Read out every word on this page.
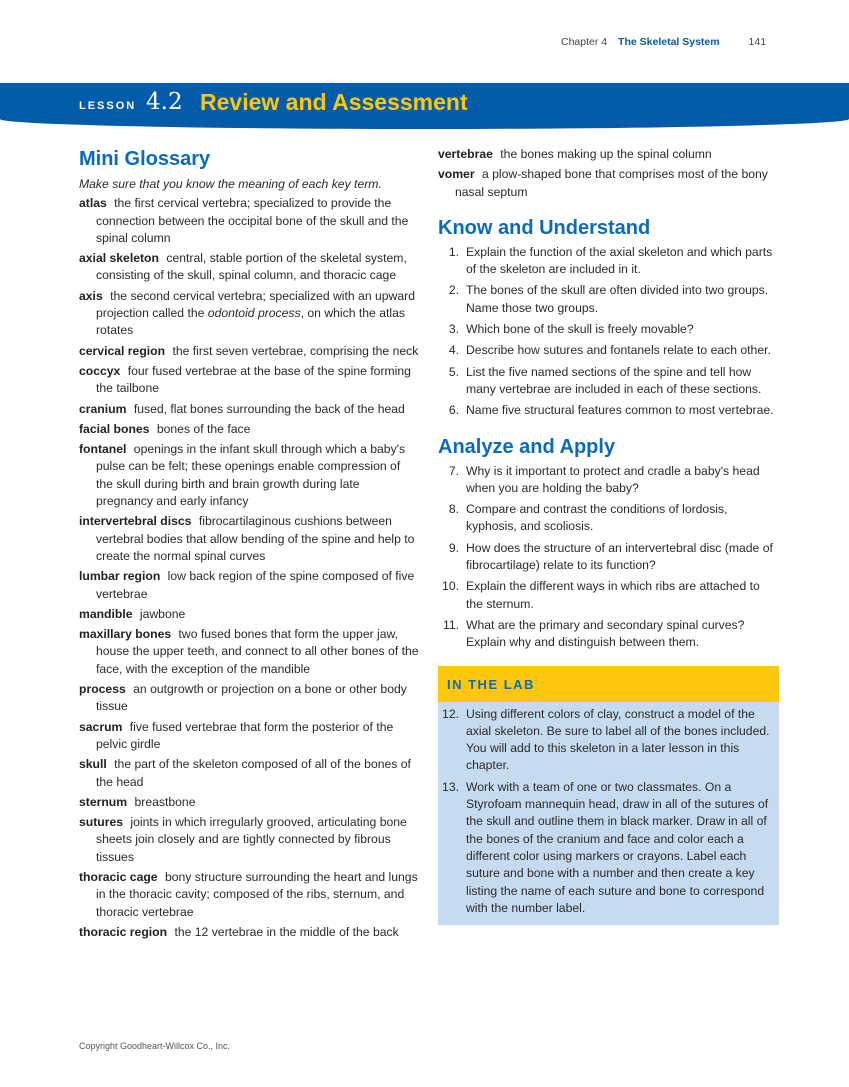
Chapter 4 The Skeletal System	141
LESSON 4.2 Review and Assessment
Mini Glossary

Make sure that you know the meaning of each key term.

atlas the first cervical vertebra; specialized to provide the connection between the occipital bone of the skull and the spinal column
axial skeleton central, stable portion of the skeletal system, consisting of the skull, spinal column, and thoracic cage
axis the second cervical vertebra; specialized with an upward projection called the odontoid process, on which the atlas rotates
cervical region the first seven vertebrae, comprising the neck
coccyx four fused vertebrae at the base of the spine forming the tailbone
cranium fused, flat bones surrounding the back of the head
facial bones bones of the face
fontanel openings in the infant skull through which a baby's pulse can be felt; these openings enable compression of the skull during birth and brain growth during late pregnancy and early infancy
intervertebral discs fibrocartilaginous cushions between vertebral bodies that allow bending of the spine and help to create the normal spinal curves
lumbar region low back region of the spine composed of five vertebrae
mandible jawbone
maxillary bones two fused bones that form the upper jaw, house the upper teeth, and connect to all other bones of the face, with the exception of the mandible
process an outgrowth or projection on a bone or other body tissue
sacrum five fused vertebrae that form the posterior of the pelvic girdle
skull the part of the skeleton composed of all of the bones of the head
sternum breastbone
sutures joints in which irregularly grooved, articulating bone sheets join closely and are tightly connected by fibrous tissues
thoracic cage bony structure surrounding the heart and lungs in the thoracic cavity; composed of the ribs, sternum, and thoracic vertebrae
thoracic region the 12 vertebrae in the middle of the back
vertebrae the bones making up the spinal column
vomer a plow-shaped bone that comprises most of the bony nasal septum
Know and Understand
1. Explain the function of the axial skeleton and which parts of the skeleton are included in it.
2. The bones of the skull are often divided into two groups. Name those two groups.
3. Which bone of the skull is freely movable?
4. Describe how sutures and fontanels relate to each other.
5. List the five named sections of the spine and tell how many vertebrae are included in each of these sections.
6. Name five structural features common to most vertebrae.
Analyze and Apply
7. Why is it important to protect and cradle a baby's head when you are holding the baby?
8. Compare and contrast the conditions of lordosis, kyphosis, and scoliosis.
9. How does the structure of an intervertebral disc (made of fibrocartilage) relate to its function?
10. Explain the different ways in which ribs are attached to the sternum.
11. What are the primary and secondary spinal curves? Explain why and distinguish between them.
IN THE LAB
12. Using different colors of clay, construct a model of the axial skeleton. Be sure to label all of the bones included. You will add to this skeleton in a later lesson in this chapter.
13. Work with a team of one or two classmates. On a Styrofoam mannequin head, draw in all of the sutures of the skull and outline them in black marker. Draw in all of the bones of the cranium and face and color each a different color using markers or crayons. Label each suture and bone with a number and then create a key listing the name of each suture and bone to correspond with the number label.
Copyright Goodheart-Willcox Co., Inc.
